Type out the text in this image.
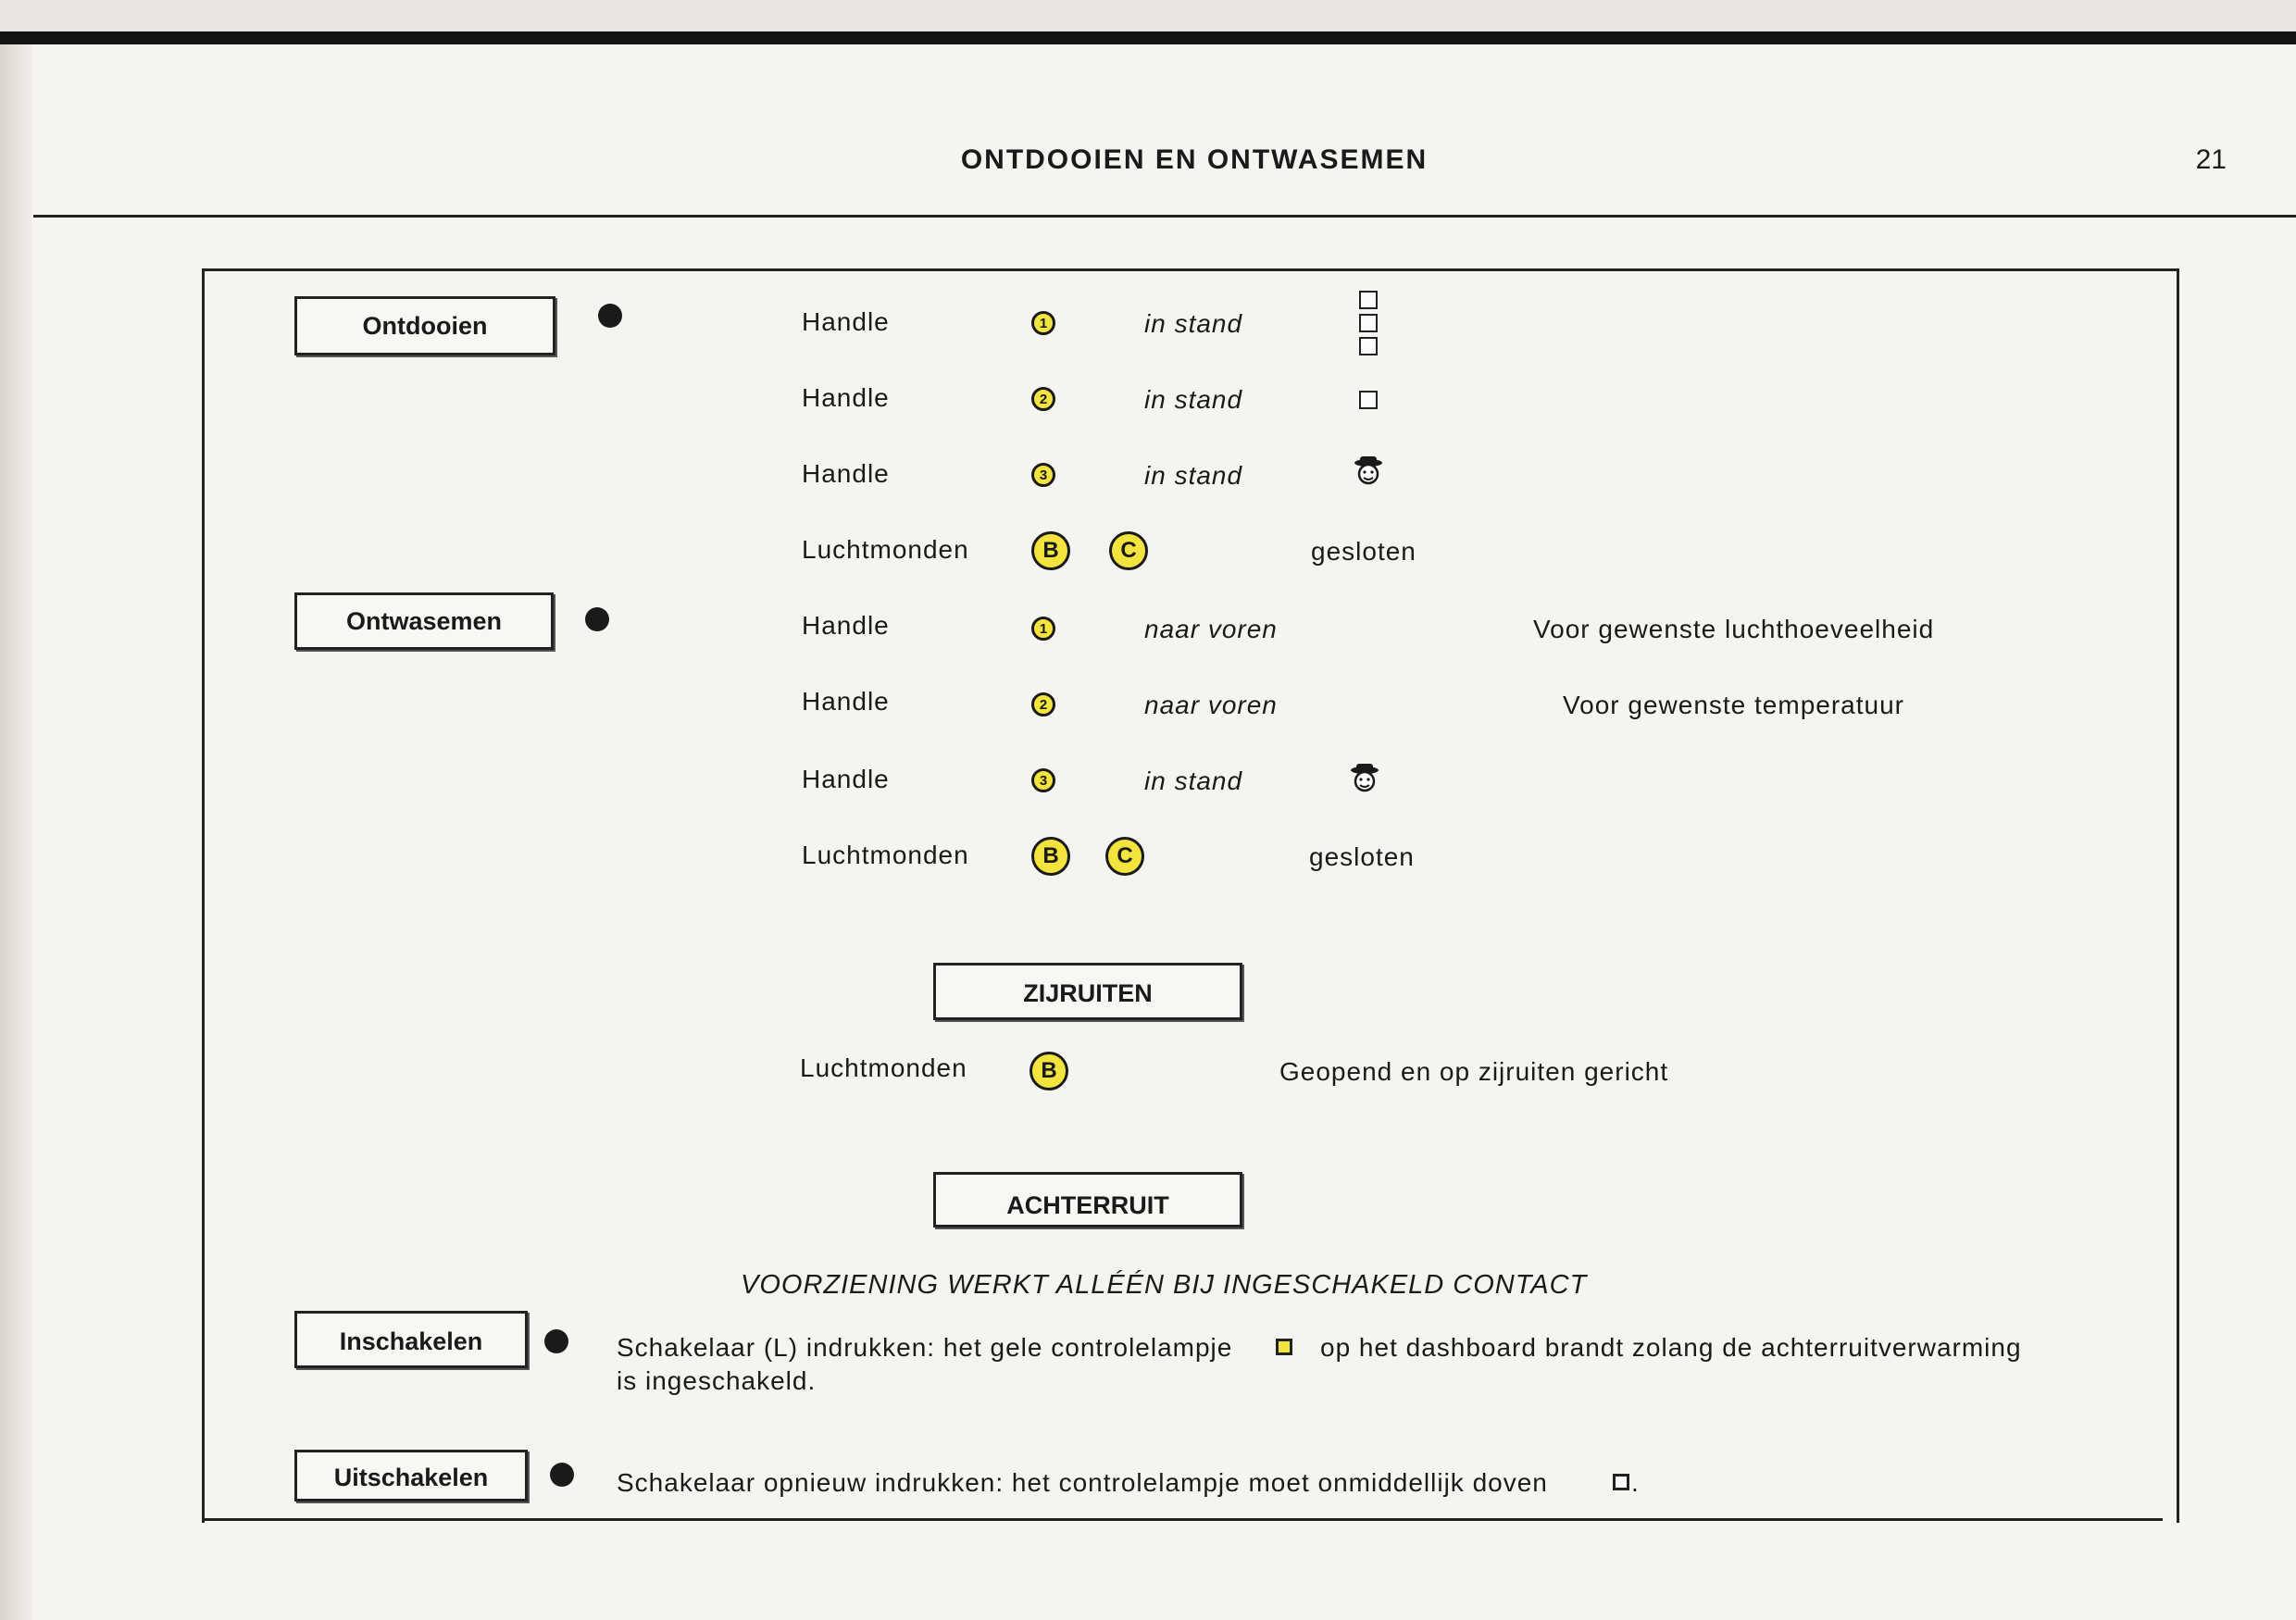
ONTDOOIEN EN ONTWASEMEN	21
Ontdooien	Handle	1	in stand
Handle	2	in stand
Handle	3	in stand
Luchtmonden	B	C	gesloten
Ontwasemen	Handle	1	naar voren	Voor gewenste luchthoeveelheid
Handle	2	naar voren	Voor gewenste temperatuur
Handle	3	in stand
Luchtmonden	B	C	gesloten
ZIJRUITEN
Luchtmonden	B	Geopend en op zijruiten gericht
ACHTERRUIT
VOORZIENING WERKT ALLÉÉN BIJ INGESCHAKELD CONTACT
Inschakelen	Schakelaar (L) indrukken: het gele controlelampje	op het dashboard brandt zolang de achterruitverwarming
is ingeschakeld.
Uitschakelen	Schakelaar opnieuw indrukken: het controlelampje moet onmiddellijk doven	.
